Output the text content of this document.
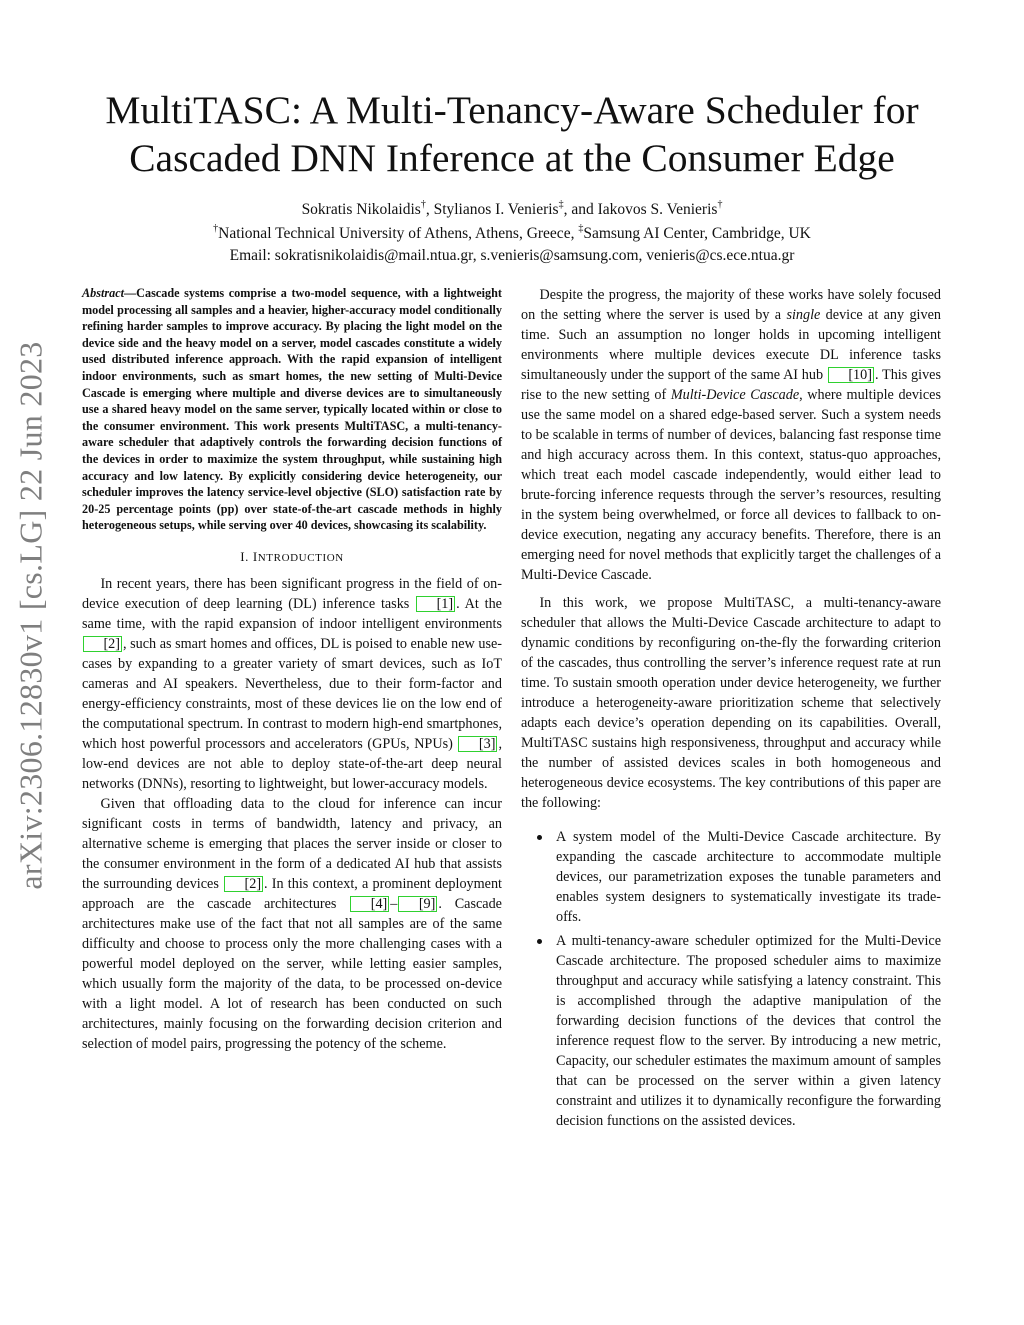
arXiv:2306.12830v1 [cs.LG] 22 Jun 2023
MultiTASC: A Multi-Tenancy-Aware Scheduler for
Cascaded DNN Inference at the Consumer Edge

Sokratis Nikolaidis†, Stylianos I. Venieris‡, and Iakovos S. Venieris†

†National Technical University of Athens, Athens, Greece, ‡Samsung AI Center, Cambridge, UK

Email: sokratisnikolaidis@mail.ntua.gr, s.venieris@samsung.com, venieris@cs.ece.ntua.gr

Abstract—Cascade systems comprise a two-model sequence, with a lightweight model processing all samples and a heavier, higher-accuracy model conditionally refining harder samples to improve accuracy. By placing the light model on the device side and the heavy model on a server, model cascades constitute a widely used distributed inference approach. With the rapid expansion of intelligent indoor environments, such as smart homes, the new setting of Multi-Device Cascade is emerging where multiple and diverse devices are to simultaneously use a shared heavy model on the same server, typically located within or close to the consumer environment. This work presents MultiTASC, a multi-tenancy-aware scheduler that adaptively controls the forwarding decision functions of the devices in order to maximize the system throughput, while sustaining high accuracy and low latency. By explicitly considering device heterogeneity, our scheduler improves the latency service-level objective (SLO) satisfaction rate by 20-25 percentage points (pp) over state-of-the-art cascade methods in highly heterogeneous setups, while serving over 40 devices, showcasing its scalability.

I. INTRODUCTION

In recent years, there has been significant progress in the field of on-device execution of deep learning (DL) inference tasks [1] . At the same time, with the rapid expansion of indoor intelligent environments [2] , such as smart homes and offices, DL is poised to enable new use-cases by expanding to a greater variety of smart devices, such as IoT cameras and AI speakers. Nevertheless, due to their form-factor and energy-efficiency constraints, most of these devices lie on the low end of the computational spectrum. In contrast to modern high-end smartphones, which host powerful processors and accelerators (GPUs, NPUs) [3] , low-end devices are not able to deploy state-of-the-art deep neural networks (DNNs), resorting to lightweight, but lower-accuracy models.

Given that offloading data to the cloud for inference can incur significant costs in terms of bandwidth, latency and privacy, an alternative scheme is emerging that places the server inside or closer to the consumer environment in the form of a dedicated AI hub that assists the surrounding devices [2] . In this context, a prominent deployment approach are the cascade architectures [4] – [9] . Cascade architectures make use of the fact that not all samples are of the same difficulty and choose to process only the more challenging cases with a powerful model deployed on the server, while letting easier samples, which usually form the majority of the data, to be processed on-device with a light model. A lot of research has been conducted on such architectures, mainly focusing on the forwarding decision criterion and selection of model pairs, progressing the potency of the scheme.

Despite the progress, the majority of these works have solely focused on the setting where the server is used by a single device at any given time. Such an assumption no longer holds in upcoming intelligent environments where multiple devices execute DL inference tasks simultaneously under the support of the same AI hub [10] . This gives rise to the new setting of Multi-Device Cascade, where multiple devices use the same model on a shared edge-based server. Such a system needs to be scalable in terms of number of devices, balancing fast response time and high accuracy across them. In this context, status-quo approaches, which treat each model cascade independently, would either lead to brute-forcing inference requests through the server’s resources, resulting in the system being overwhelmed, or force all devices to fallback to on-device execution, negating any accuracy benefits. Therefore, there is an emerging need for novel methods that explicitly target the challenges of a Multi-Device Cascade.

In this work, we propose MultiTASC, a multi-tenancy-aware scheduler that allows the Multi-Device Cascade architecture to adapt to dynamic conditions by reconfiguring on-the-fly the forwarding criterion of the cascades, thus controlling the server’s inference request rate at run time. To sustain smooth operation under device heterogeneity, we further introduce a heterogeneity-aware prioritization scheme that selectively adapts each device’s operation depending on its capabilities. Overall, MultiTASC sustains high responsiveness, throughput and accuracy while the number of assisted devices scales in both homogeneous and heterogeneous device ecosystems. The key contributions of this paper are the following:

A system model of the Multi-Device Cascade architecture. By expanding the cascade architecture to accommodate multiple devices, our parametrization exposes the tunable parameters and enables system designers to systematically investigate its trade-offs.
A multi-tenancy-aware scheduler optimized for the Multi-Device Cascade architecture. The proposed scheduler aims to maximize throughput and accuracy while satisfying a latency constraint. This is accomplished through the adaptive manipulation of the forwarding decision functions of the devices that control the inference request flow to the server. By introducing a new metric, Capacity, our scheduler estimates the maximum amount of samples that can be processed on the server within a given latency constraint and utilizes it to dynamically reconfigure the forwarding decision functions on the assisted devices.
